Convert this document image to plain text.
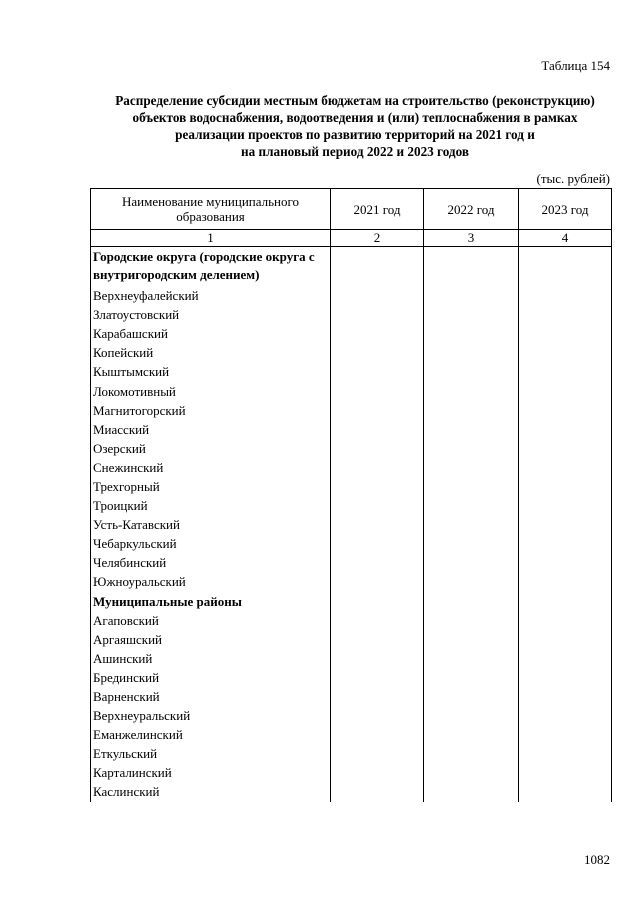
Таблица 154
Распределение субсидии местным бюджетам на строительство (реконструкцию)
объектов водоснабжения, водоотведения и (или) теплоснабжения в рамках
реализации проектов по развитию территорий на 2021 год и
на плановый период 2022 и 2023 годов
(тыс. рублей)
Наименование муниципального образования	2021 год	2022 год	2023 год
1	2	3	4
Городские округа (городские округа с внутригородским делением)			
Верхнеуфалейский			
Златоустовский			
Карабашский			
Копейский			
Кыштымский			
Локомотивный			
Магнитогорский			
Миасский			
Озерский			
Снежинский			
Трехгорный			
Троицкий			
Усть-Катавский			
Чебаркульский			
Челябинский			
Южноуральский			
Муниципальные районы			
Агаповский			
Аргаяшский			
Ашинский			
Брединский			
Варненский			
Верхнеуральский			
Еманжелинский			
Еткульский			
Карталинский			
Каслинский			
1082
